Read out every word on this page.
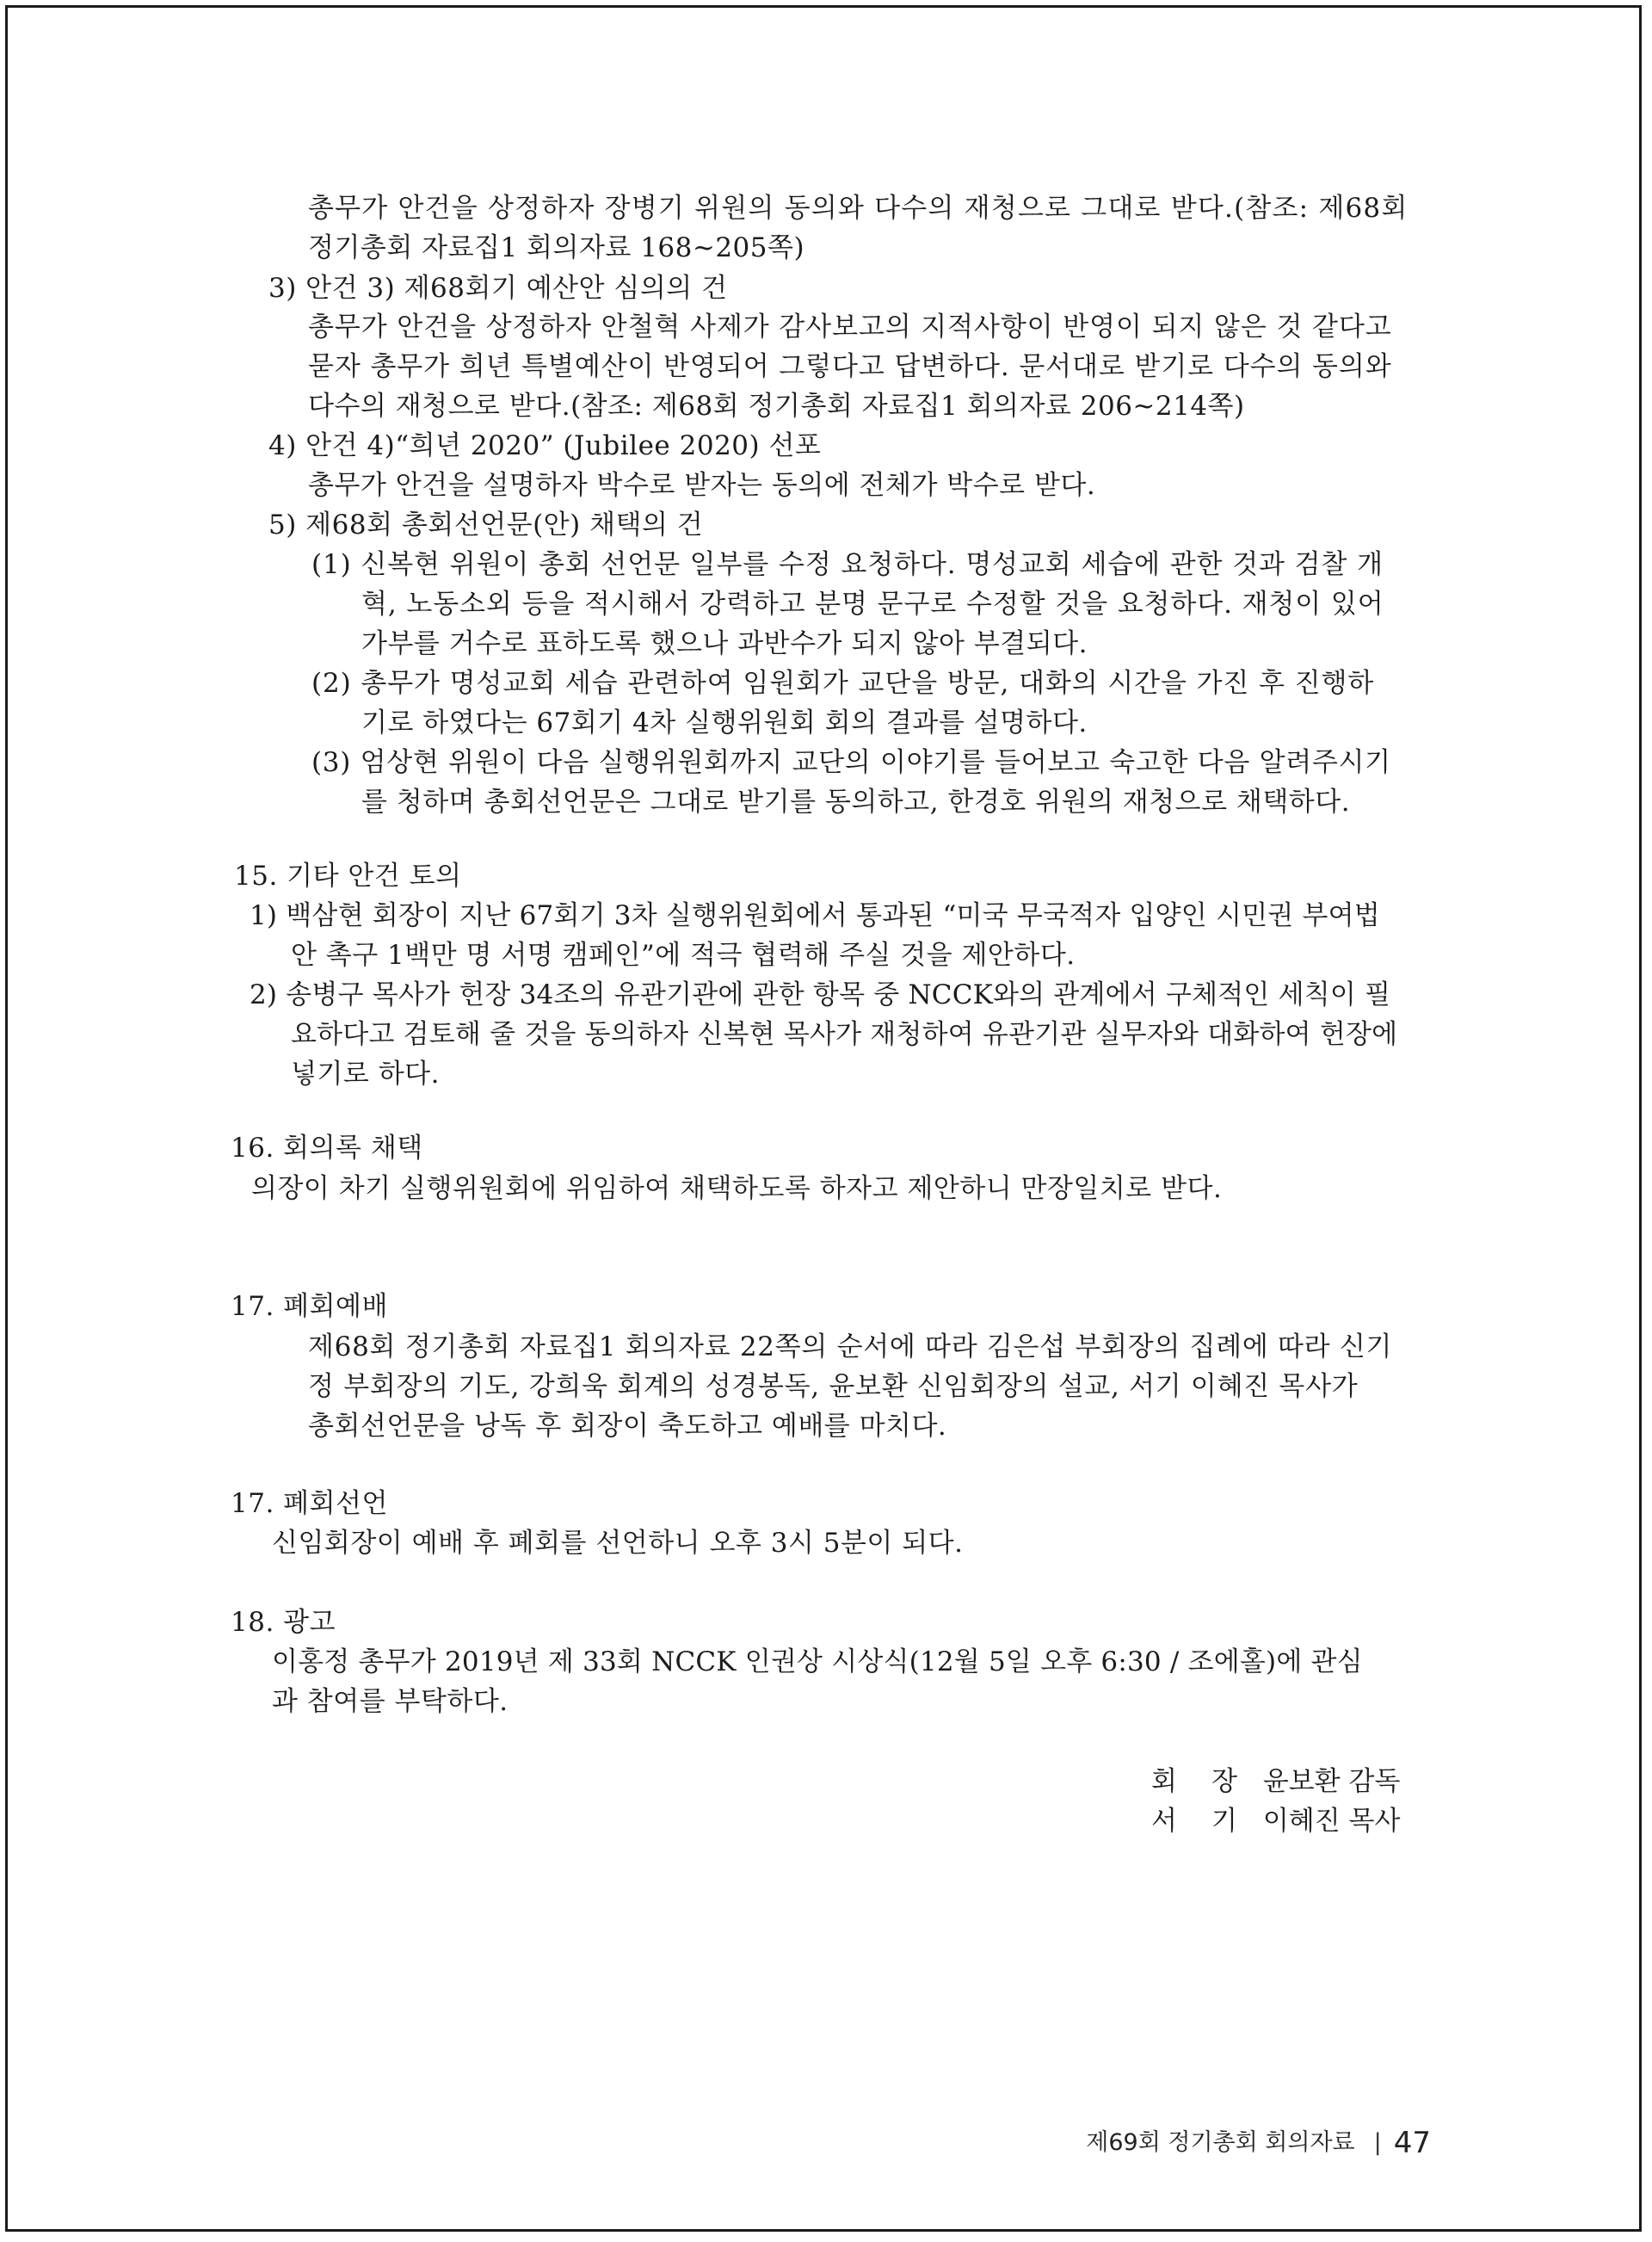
총무가 안건을 상정하자 장병기 위원의 동의와 다수의 재청으로 그대로 받다.(참조: 제68회
정기총회 자료집1 회의자료 168~205쪽)
3) 안건 3) 제68회기 예산안 심의의 건
총무가 안건을 상정하자 안철혁 사제가 감사보고의 지적사항이 반영이 되지 않은 것 같다고
묻자 총무가 희년 특별예산이 반영되어 그렇다고 답변하다. 문서대로 받기로 다수의 동의와
다수의 재청으로 받다.(참조: 제68회 정기총회 자료집1 회의자료 206~214쪽)
4) 안건 4)“희년 2020” (Jubilee 2020) 선포
총무가 안건을 설명하자 박수로 받자는 동의에 전체가 박수로 받다.
5) 제68회 총회선언문(안) 채택의 건
(1) 신복현 위원이 총회 선언문 일부를 수정 요청하다. 명성교회 세습에 관한 것과 검찰 개
혁, 노동소외 등을 적시해서 강력하고 분명 문구로 수정할 것을 요청하다. 재청이 있어
가부를 거수로 표하도록 했으나 과반수가 되지 않아 부결되다.
(2) 총무가 명성교회 세습 관련하여 임원회가 교단을 방문, 대화의 시간을 가진 후 진행하
기로 하였다는 67회기 4차 실행위원회 회의 결과를 설명하다.
(3) 엄상현 위원이 다음 실행위원회까지 교단의 이야기를 들어보고 숙고한 다음 알려주시기
를 청하며 총회선언문은 그대로 받기를 동의하고, 한경호 위원의 재청으로 채택하다.
15. 기타 안건 토의
1) 백삼현 회장이 지난 67회기 3차 실행위원회에서 통과된 “미국 무국적자 입양인 시민권 부여법
안 촉구 1백만 명 서명 캠페인”에 적극 협력해 주실 것을 제안하다.
2) 송병구 목사가 헌장 34조의 유관기관에 관한 항목 중 NCCK와의 관계에서 구체적인 세칙이 필
요하다고 검토해 줄 것을 동의하자 신복현 목사가 재청하여 유관기관 실무자와 대화하여 헌장에
넣기로 하다.
16. 회의록 채택
의장이 차기 실행위원회에 위임하여 채택하도록 하자고 제안하니 만장일치로 받다.
17. 폐회예배
제68회 정기총회 자료집1 회의자료 22쪽의 순서에 따라 김은섭 부회장의 집례에 따라 신기
정 부회장의 기도, 강희욱 회계의 성경봉독, 윤보환 신임회장의 설교, 서기 이혜진 목사가
총회선언문을 낭독 후 회장이 축도하고 예배를 마치다.
17. 폐회선언
신임회장이 예배 후 폐회를 선언하니 오후 3시 5분이 되다.
18. 광고
이홍정 총무가 2019년 제 33회 NCCK 인권상 시상식(12월 5일 오후 6:30 / 조에홀)에 관심
과 참여를 부탁하다.
회장 윤보환 감독
서기 이혜진 목사
제69회 정기총회 회의자료 | 47
